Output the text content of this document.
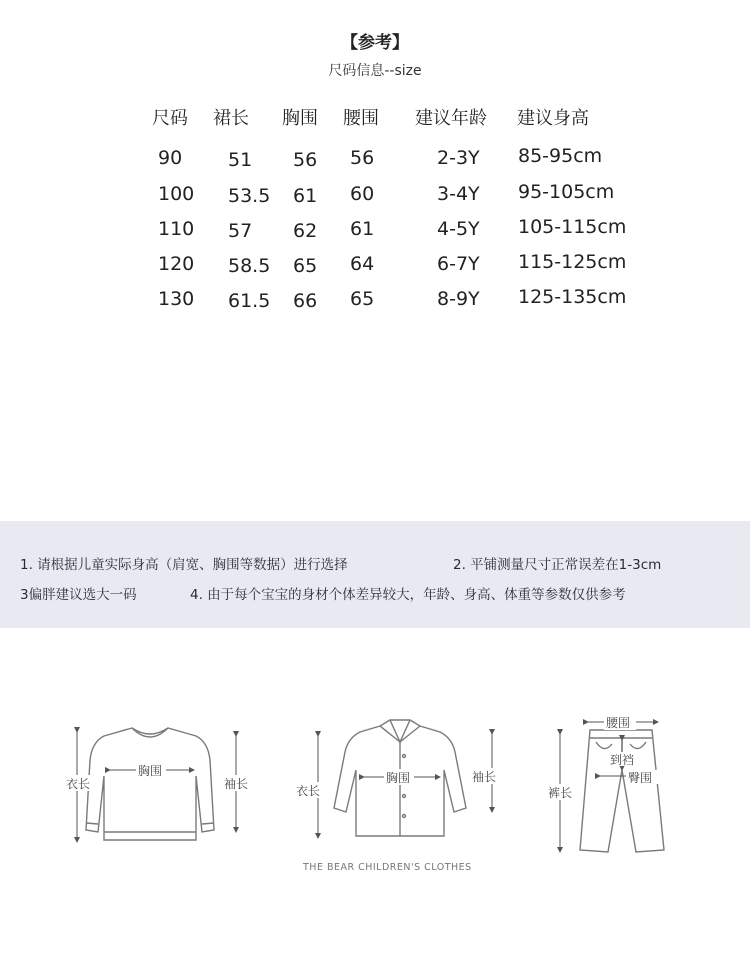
【参考】
尺码信息--size
尺码 裙长 胸围 腰围 建议年龄 建议身高
90 51 56 56	2-3Y 85-95cm
100 53.5 61 60	3-4Y 95-105cm
110 57 62 61	4-5Y 105-115cm
120 58.5 65 64	6-7Y 115-125cm
130 61.5 66 65	8-9Y 125-135cm
1. 请根据儿童实际身高（肩宽、胸围等数据）进行选择	2. 平铺测量尺寸正常误差在1-3cm
3偏胖建议选大一码	4. 由于每个宝宝的身材个体差异较大，年龄、身高、体重等参数仅供参考
衣长
胸围
袖长	衣长
胸围	袖长
腰围
到裆
臀围
裤长
THE BEAR CHILDREN'S CLOTHES
